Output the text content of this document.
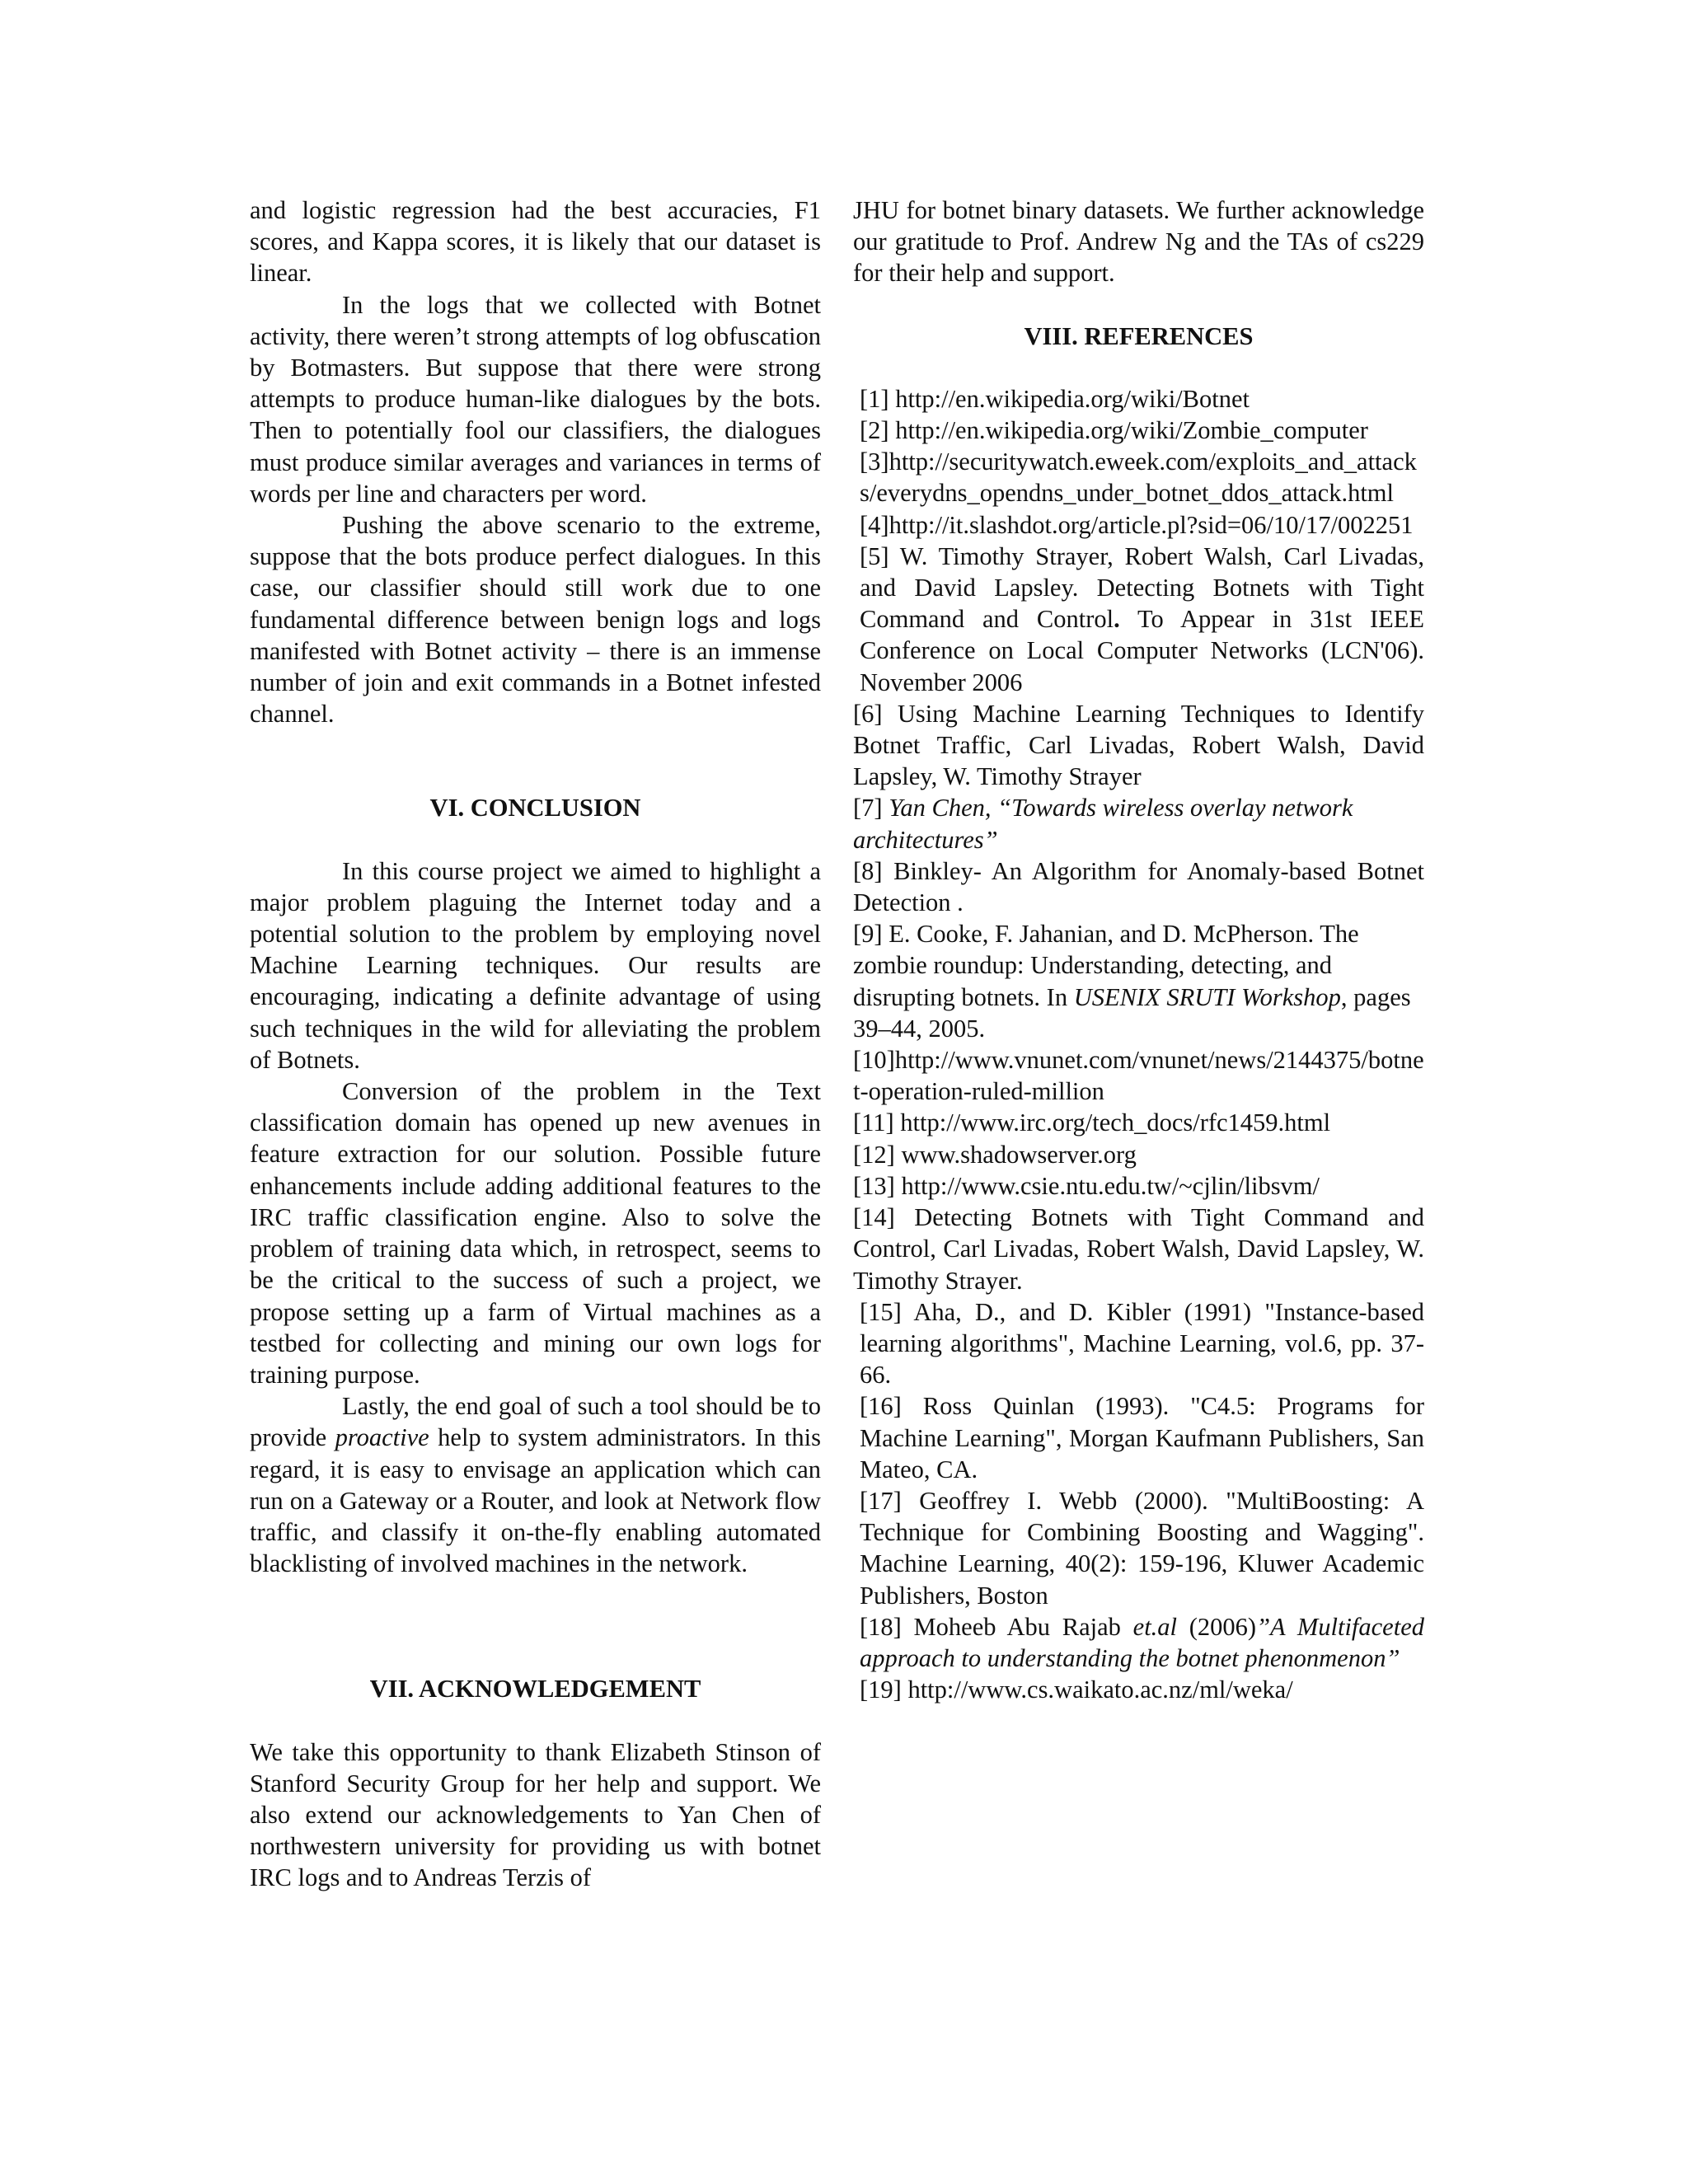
and logistic regression had the best accuracies, F1 scores, and Kappa scores, it is likely that our dataset is linear.

In the logs that we collected with Botnet activity, there weren’t strong attempts of log obfuscation by Botmasters. But suppose that there were strong attempts to produce human-like dialogues by the bots. Then to potentially fool our classifiers, the dialogues must produce similar averages and variances in terms of words per line and characters per word.

Pushing the above scenario to the extreme, suppose that the bots produce perfect dialogues. In this case, our classifier should still work due to one fundamental difference between benign logs and logs manifested with Botnet activity – there is an immense number of join and exit commands in a Botnet infested channel.

VI. CONCLUSION

In this course project we aimed to highlight a major problem plaguing the Internet today and a potential solution to the problem by employing novel Machine Learning techniques. Our results are encouraging, indicating a definite advantage of using such techniques in the wild for alleviating the problem of Botnets.

Conversion of the problem in the Text classification domain has opened up new avenues in feature extraction for our solution. Possible future enhancements include adding additional features to the IRC traffic classification engine. Also to solve the problem of training data which, in retrospect, seems to be the critical to the success of such a project, we propose setting up a farm of Virtual machines as a testbed for collecting and mining our own logs for training purpose.

Lastly, the end goal of such a tool should be to provide proactive help to system administrators. In this regard, it is easy to envisage an application which can run on a Gateway or a Router, and look at Network flow traffic, and classify it on-the-fly enabling automated blacklisting of involved machines in the network.

VII. ACKNOWLEDGEMENT

We take this opportunity to thank Elizabeth Stinson of Stanford Security Group for her help and support. We also extend our acknowledgements to Yan Chen of northwestern university for providing us with botnet IRC logs and to Andreas Terzis of

JHU for botnet binary datasets. We further acknowledge our gratitude to Prof. Andrew Ng and the TAs of cs229 for their help and support.

VIII. REFERENCES
[1] http://en.wikipedia.org/wiki/Botnet
[2] http://en.wikipedia.org/wiki/Zombie_computer
[3]http://securitywatch.eweek.com/exploits_and_attacks/everydns_opendns_under_botnet_ddos_attack.html
[4]http://it.slashdot.org/article.pl?sid=06/10/17/002251
[5] W. Timothy Strayer, Robert Walsh, Carl Livadas, and David Lapsley. Detecting Botnets with Tight Command and Control. To Appear in 31st IEEE Conference on Local Computer Networks (LCN'06). November 2006
[6] Using Machine Learning Techniques to Identify Botnet Traffic, Carl Livadas, Robert Walsh, David Lapsley, W. Timothy Strayer
[7] Yan Chen, “Towards wireless overlay network architectures”
[8] Binkley- An Algorithm for Anomaly-based Botnet Detection .
[9] E. Cooke, F. Jahanian, and D. McPherson. The zombie roundup: Understanding, detecting, and disrupting botnets. In USENIX SRUTI Workshop, pages 39–44, 2005.
[10]http://www.vnunet.com/vnunet/news/2144375/botnet-operation-ruled-million
[11] http://www.irc.org/tech_docs/rfc1459.html
[12] www.shadowserver.org
[13] http://www.csie.ntu.edu.tw/~cjlin/libsvm/
[14] Detecting Botnets with Tight Command and Control, Carl Livadas, Robert Walsh, David Lapsley, W. Timothy Strayer.
[15] Aha, D., and D. Kibler (1991) "Instance-based learning algorithms", Machine Learning, vol.6, pp. 37-66.
[16] Ross Quinlan (1993). "C4.5: Programs for Machine Learning", Morgan Kaufmann Publishers, San Mateo, CA.
[17] Geoffrey I. Webb (2000). "MultiBoosting: A Technique for Combining Boosting and Wagging". Machine Learning, 40(2): 159-196, Kluwer Academic Publishers, Boston
[18] Moheeb Abu Rajab et.al (2006)”A Multifaceted approach to understanding the botnet phenonmenon”
[19] http://www.cs.waikato.ac.nz/ml/weka/
